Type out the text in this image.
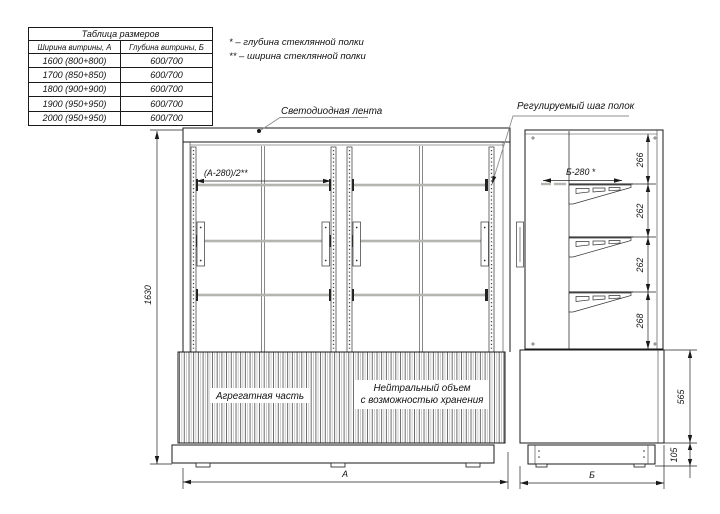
Таблица размеров	
Ширина витрины, А	Глубина витрины, Б
1600 (800+800)	600/700
1700 (850+850)	600/700
1800 (900+900)	600/700
1900 (950+950)	600/700
2000 (950+950)	600/700
* – глубина стеклянной полки
** – ширина стеклянной полки
Светодиодная лента	Регулируемый шаг полок
Агрегатная часть
Нейтральный объем
с возможностью хранения
1630
А	Б
(А-280)/2**	Б-280 *
266
262
262
268
565
105
